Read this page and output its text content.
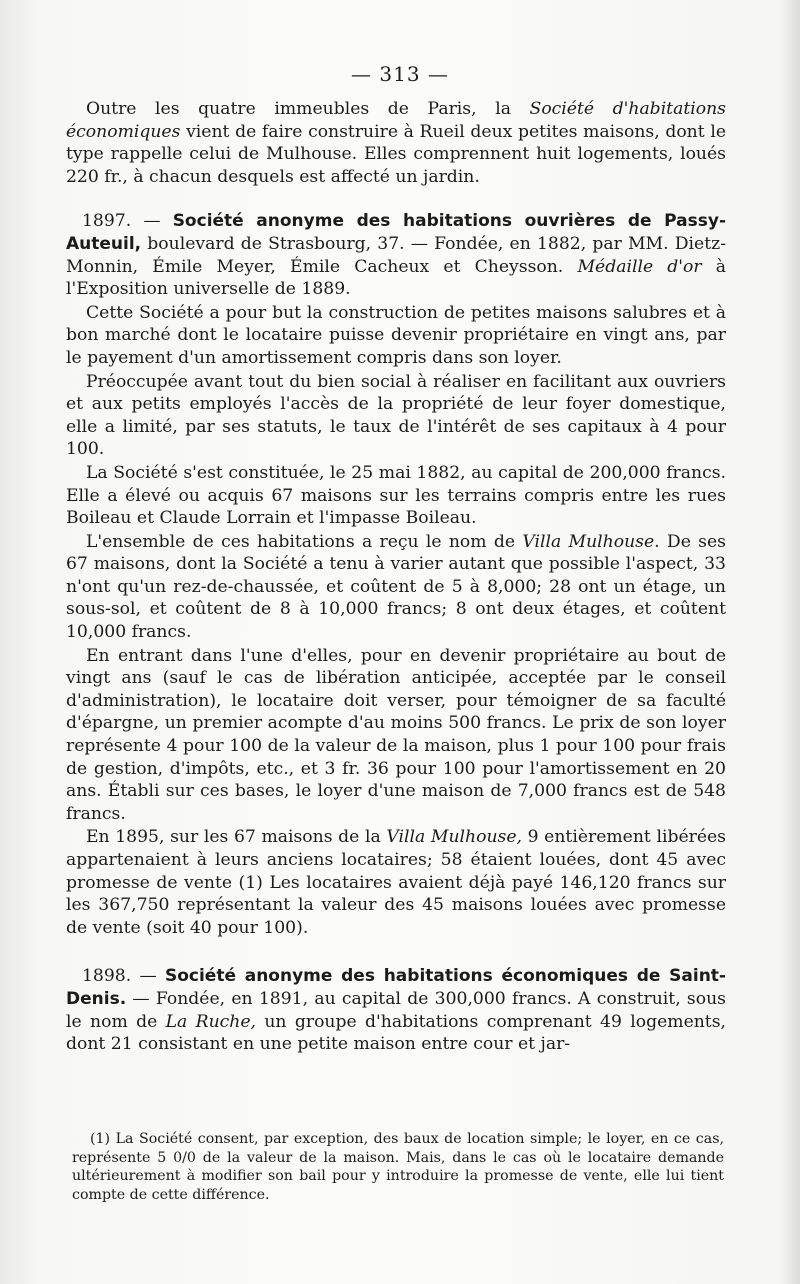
— 313 —

Outre les quatre immeubles de Paris, la Société d'habitations économiques vient de faire construire à Rueil deux petites maisons, dont le type rappelle celui de Mulhouse. Elles comprennent huit logements, loués 220 fr., à chacun desquels est affecté un jardin.

1897. — Société anonyme des habitations ouvrières de Passy-Auteuil, boulevard de Strasbourg, 37. — Fondée, en 1882, par MM. Dietz-Monnin, Émile Meyer, Émile Cacheux et Cheysson. Médaille d'or à l'Exposition universelle de 1889.

Cette Société a pour but la construction de petites maisons salubres et à bon marché dont le locataire puisse devenir propriétaire en vingt ans, par le payement d'un amortissement compris dans son loyer.

Préoccupée avant tout du bien social à réaliser en facilitant aux ouvriers et aux petits employés l'accès de la propriété de leur foyer domestique, elle a limité, par ses statuts, le taux de l'intérêt de ses capitaux à 4 pour 100.

La Société s'est constituée, le 25 mai 1882, au capital de 200,000 francs. Elle a élevé ou acquis 67 maisons sur les terrains compris entre les rues Boileau et Claude Lorrain et l'impasse Boileau.

L'ensemble de ces habitations a reçu le nom de Villa Mulhouse. De ses 67 maisons, dont la Société a tenu à varier autant que possible l'aspect, 33 n'ont qu'un rez-de-chaussée, et coûtent de 5 à 8,000; 28 ont un étage, un sous-sol, et coûtent de 8 à 10,000 francs; 8 ont deux étages, et coûtent 10,000 francs.

En entrant dans l'une d'elles, pour en devenir propriétaire au bout de vingt ans (sauf le cas de libération anticipée, acceptée par le conseil d'administration), le locataire doit verser, pour témoigner de sa faculté d'épargne, un premier acompte d'au moins 500 francs. Le prix de son loyer représente 4 pour 100 de la valeur de la maison, plus 1 pour 100 pour frais de gestion, d'impôts, etc., et 3 fr. 36 pour 100 pour l'amortissement en 20 ans. Établi sur ces bases, le loyer d'une maison de 7,000 francs est de 548 francs.

En 1895, sur les 67 maisons de la Villa Mulhouse, 9 entièrement libérées appartenaient à leurs anciens locataires; 58 étaient louées, dont 45 avec promesse de vente (1) Les locataires avaient déjà payé 146,120 francs sur les 367,750 représentant la valeur des 45 maisons louées avec promesse de vente (soit 40 pour 100).

1898. — Société anonyme des habitations économiques de Saint-Denis. — Fondée, en 1891, au capital de 300,000 francs. A construit, sous le nom de La Ruche, un groupe d'habitations comprenant 49 logements, dont 21 consistant en une petite maison entre cour et jar-

(1) La Société consent, par exception, des baux de location simple; le loyer, en ce cas, représente 5 0/0 de la valeur de la maison. Mais, dans le cas où le locataire demande ultérieurement à modifier son bail pour y introduire la promesse de vente, elle lui tient compte de cette différence.
